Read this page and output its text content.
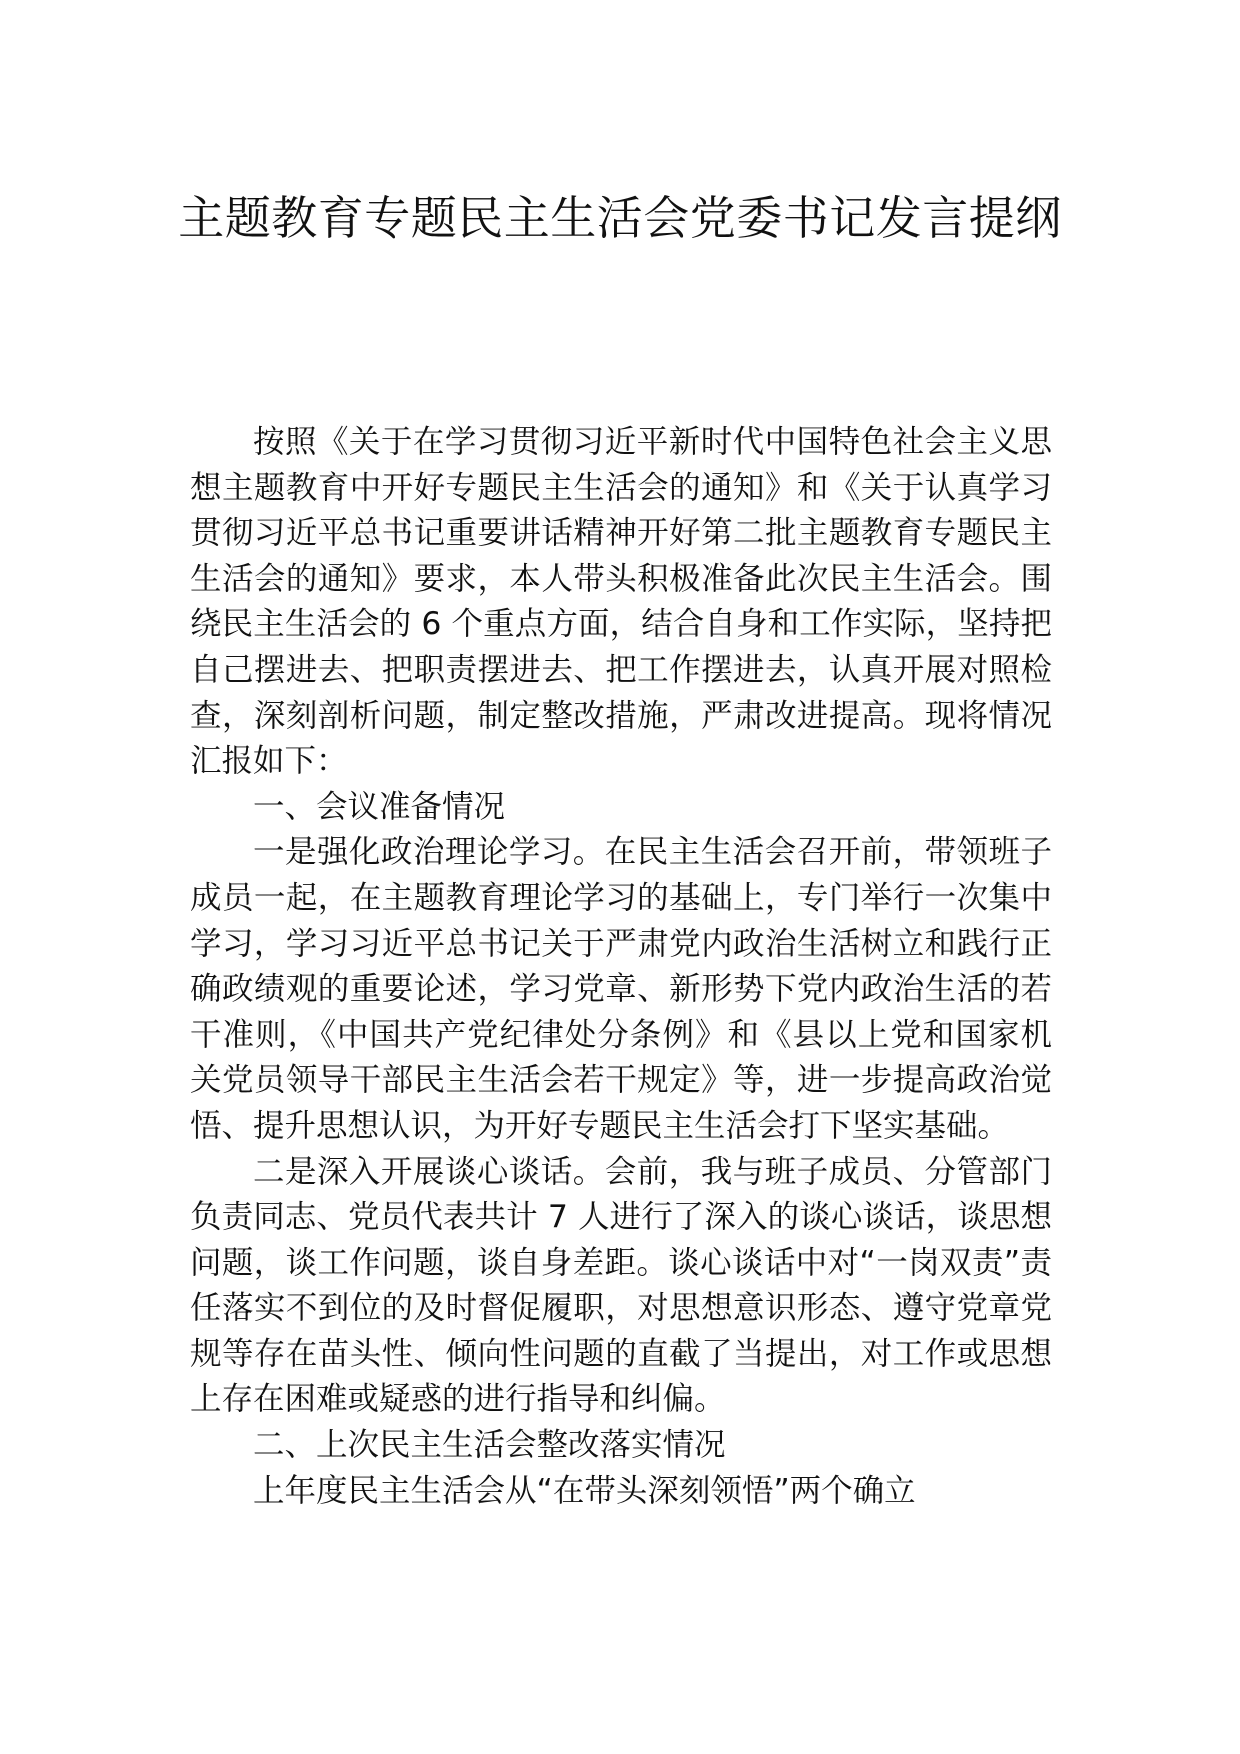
主题教育专题民主生活会党委书记发言提纲

按照《关于在学习贯彻习近平新时代中国特色社会主义思想主题教育中开好专题民主生活会的通知》和《关于认真学习贯彻习近平总书记重要讲话精神开好第二批主题教育专题民主生活会的通知》要求，本人带头积极准备此次民主生活会。围绕民主生活会的 6 个重点方面，结合自身和工作实际，坚持把自己摆进去、把职责摆进去、把工作摆进去，认真开展对照检查，深刻剖析问题，制定整改措施，严肃改进提高。现将情况汇报如下：

一、会议准备情况

一是强化政治理论学习。在民主生活会召开前，带领班子成员一起，在主题教育理论学习的基础上，专门举行一次集中学习，学习习近平总书记关于严肃党内政治生活树立和践行正确政绩观的重要论述，学习党章、新形势下党内政治生活的若干准则，《中国共产党纪律处分条例》和《县以上党和国家机关党员领导干部民主生活会若干规定》等，进一步提高政治觉悟、提升思想认识，为开好专题民主生活会打下坚实基础。

二是深入开展谈心谈话。会前，我与班子成员、分管部门负责同志、党员代表共计 7 人进行了深入的谈心谈话，谈思想问题，谈工作问题，谈自身差距。谈心谈话中对“一岗双责”责任落实不到位的及时督促履职，对思想意识形态、遵守党章党规等存在苗头性、倾向性问题的直截了当提出，对工作或思想上存在困难或疑惑的进行指导和纠偏。

二、上次民主生活会整改落实情况

上年度民主生活会从“在带头深刻领悟”两个确立
